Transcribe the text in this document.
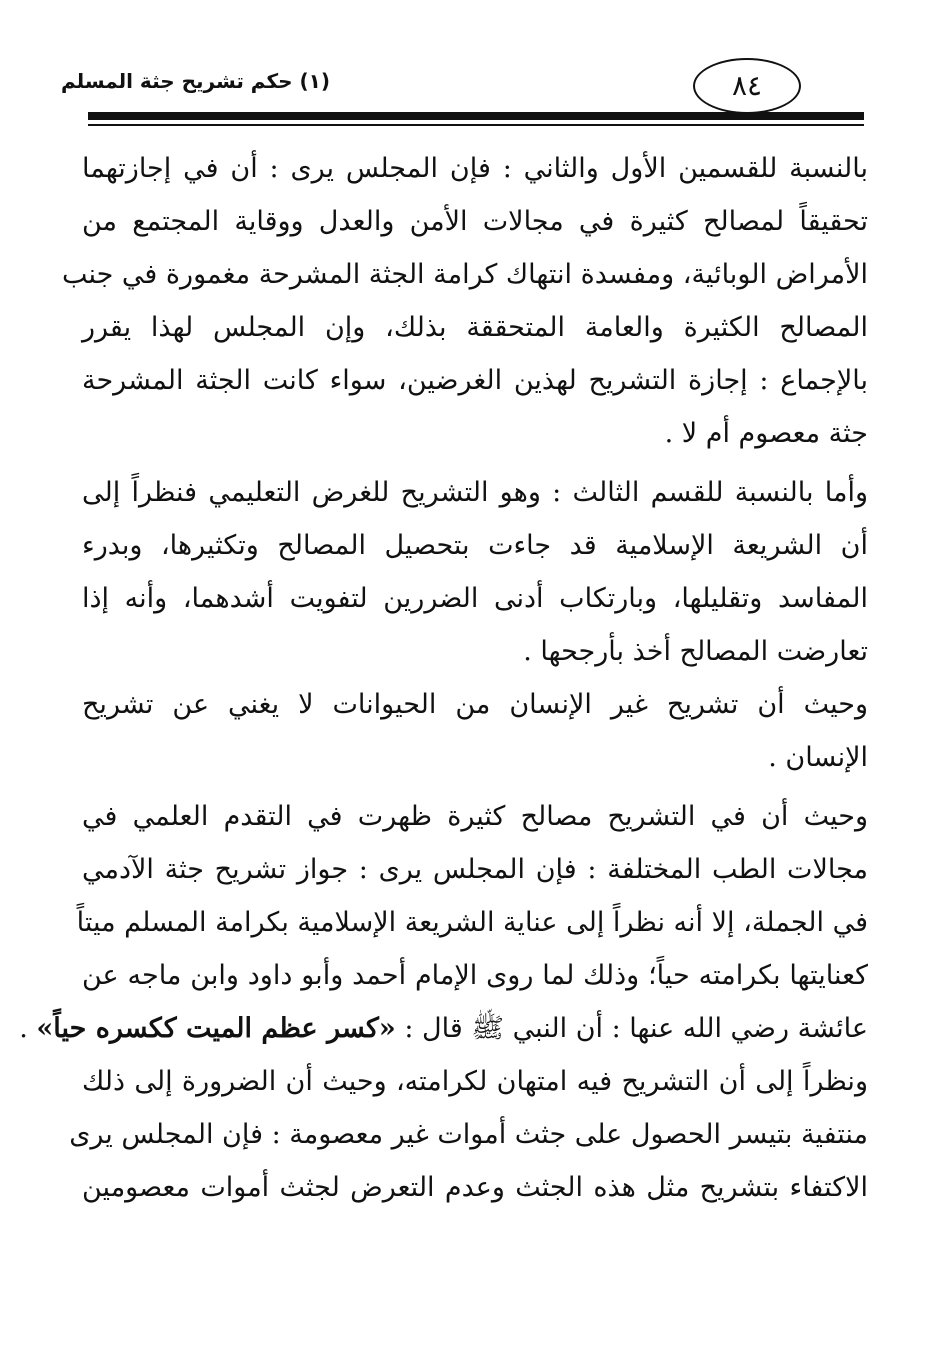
٨٤
(١) حكم تشريح جثة المسلم
بالنسبة للقسمين الأول والثاني : فإن المجلس يرى : أن في إجازتهما
تحقيقاً لمصالح كثيرة في مجالات الأمن والعدل ووقاية المجتمع من
الأمراض الوبائية، ومفسدة انتهاك كرامة الجثة المشرحة مغمورة في جنب
المصالح الكثيرة والعامة المتحققة بذلك، وإن المجلس لهذا يقرر
بالإجماع : إجازة التشريح لهذين الغرضين، سواء كانت الجثة المشرحة
جثة معصوم أم لا .
وأما بالنسبة للقسم الثالث : وهو التشريح للغرض التعليمي فنظراً إلى
أن الشريعة الإسلامية قد جاءت بتحصيل المصالح وتكثيرها، وبدرء
المفاسد وتقليلها، وبارتكاب أدنى الضررين لتفويت أشدهما، وأنه إذا
تعارضت المصالح أخذ بأرجحها .
وحيث أن تشريح غير الإنسان من الحيوانات لا يغني عن تشريح
الإنسان .
وحيث أن في التشريح مصالح كثيرة ظهرت في التقدم العلمي في
مجالات الطب المختلفة : فإن المجلس يرى : جواز تشريح جثة الآدمي
في الجملة، إلا أنه نظراً إلى عناية الشريعة الإسلامية بكرامة المسلم ميتاً
كعنايتها بكرامته حياً؛ وذلك لما روى الإمام أحمد وأبو داود وابن ماجه عن
عائشة رضي الله عنها : أن النبي ﷺ قال : «كسر عظم الميت ككسره حياً» .
ونظراً إلى أن التشريح فيه امتهان لكرامته، وحيث أن الضرورة إلى ذلك
منتفية بتيسر الحصول على جثث أموات غير معصومة : فإن المجلس يرى
الاكتفاء بتشريح مثل هذه الجثث وعدم التعرض لجثث أموات معصومين
